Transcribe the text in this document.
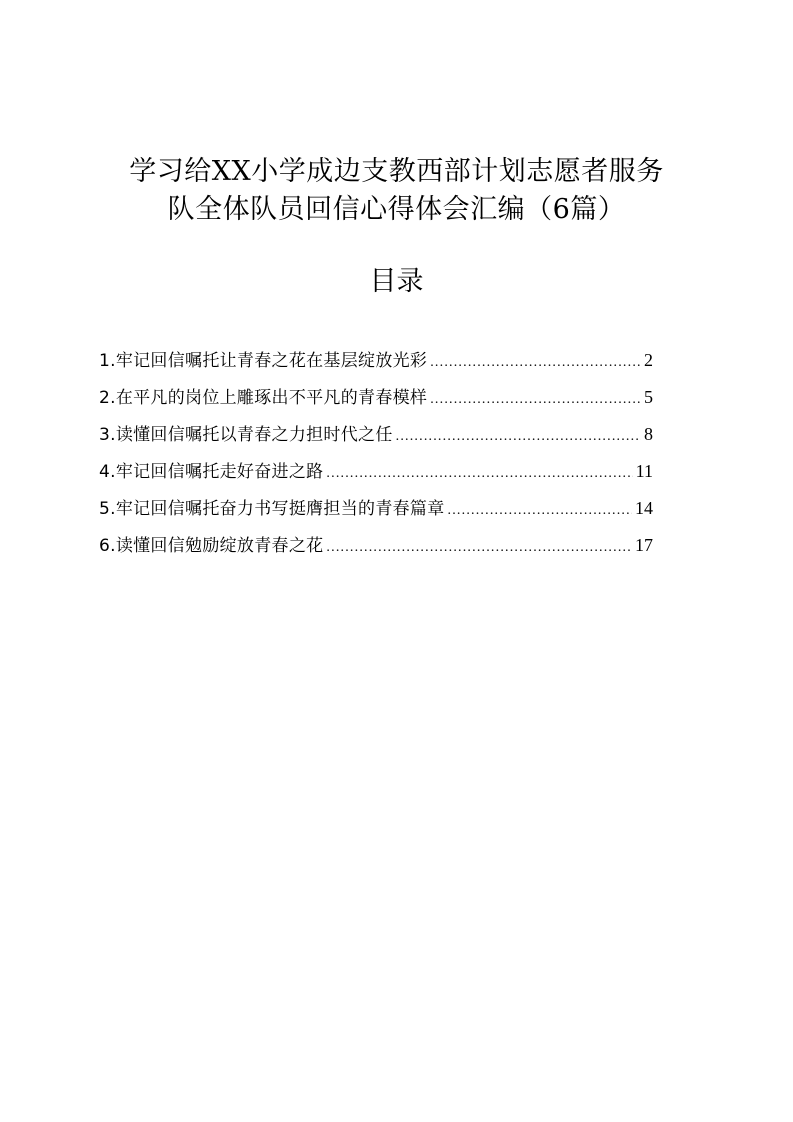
学习给XX小学成边支教西部计划志愿者服务
队全体队员回信心得体会汇编（6篇）
目录
1.牢记回信嘱托让青春之花在基层绽放光彩 .....	2
2.在平凡的岗位上雕琢出不平凡的青春模样 .....	5
3.读懂回信嘱托以青春之力担时代之任 .....	8
4.牢记回信嘱托走好奋进之路 .....	11
5.牢记回信嘱托奋力书写挺膺担当的青春篇章 .....	14
6.读懂回信勉励绽放青春之花 .....	17
